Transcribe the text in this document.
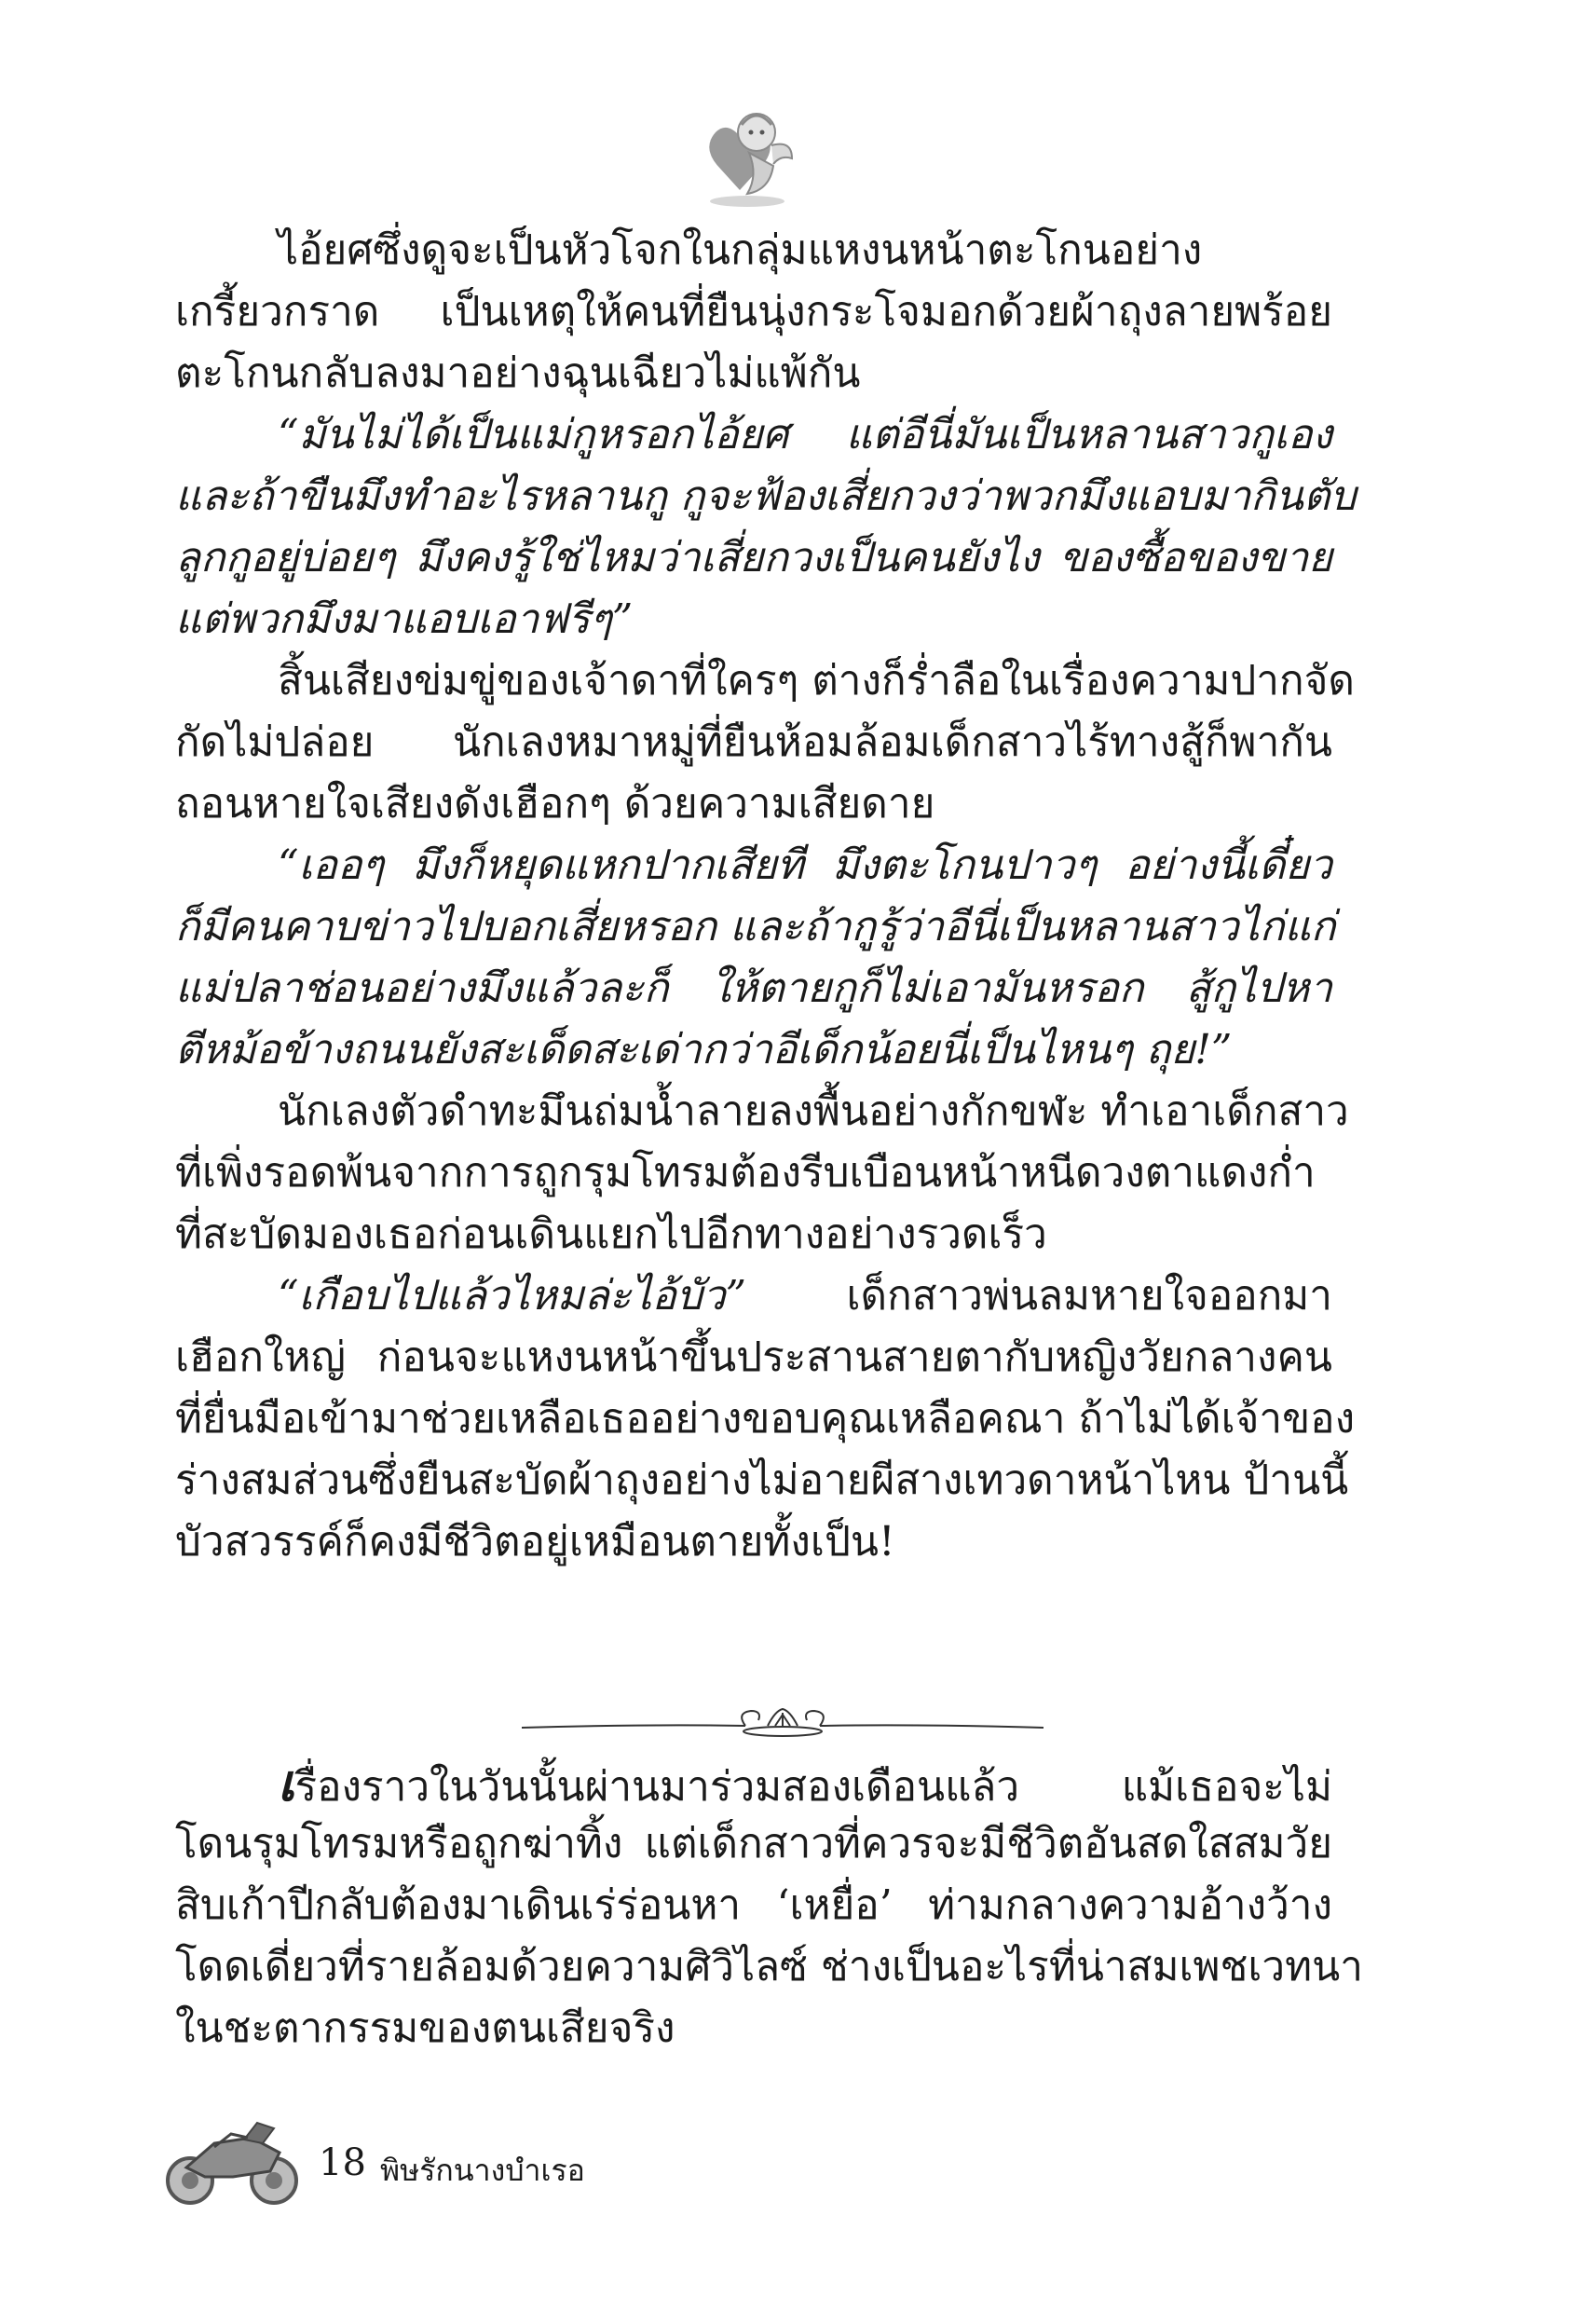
ไอ้ยศซึ่งดูจะเป็นหัวโจกในกลุ่มแหงนหน้าตะโกนอย่าง
เกรี้ยวกราด เป็นเหตุให้คนที่ยืนนุ่งกระโจมอกด้วยผ้าถุงลายพร้อย
ตะโกนกลับลงมาอย่างฉุนเฉียวไม่แพ้กัน
“มันไม่ได้เป็นแม่กูหรอกไอ้ยศ แต่อีนี่มันเป็นหลานสาวกูเอง
และถ้าขืนมึงทำอะไรหลานกู กูจะฟ้องเสี่ยกวงว่าพวกมึงแอบมากินตับ
ลูกกูอยู่บ่อยๆ มึงคงรู้ใช่ไหมว่าเสี่ยกวงเป็นคนยังไง ของซื้อของขาย
แต่พวกมึงมาแอบเอาฟรีๆ”
สิ้นเสียงข่มขู่ของเจ้าดาที่ใครๆ ต่างก็ร่ำลือในเรื่องความปากจัด
กัดไม่ปล่อย นักเลงหมาหมู่ที่ยืนห้อมล้อมเด็กสาวไร้ทางสู้ก็พากัน
ถอนหายใจเสียงดังเฮือกๆ ด้วยความเสียดาย
“เออๆ มึงก็หยุดแหกปากเสียที มึงตะโกนปาวๆ อย่างนี้เดี๋ยว
ก็มีคนคาบข่าวไปบอกเสี่ยหรอก และถ้ากูรู้ว่าอีนี่เป็นหลานสาวไก่แก่
แม่ปลาช่อนอย่างมึงแล้วละก็ ให้ตายกูก็ไม่เอามันหรอก สู้กูไปหา
ตีหม้อข้างถนนยังสะเด็ดสะเด่ากว่าอีเด็กน้อยนี่เป็นไหนๆ ถุย!”
นักเลงตัวดำทะมึนถ่มน้ำลายลงพื้นอย่างกักขฬะ ทำเอาเด็กสาว
ที่เพิ่งรอดพ้นจากการถูกรุมโทรมต้องรีบเบือนหน้าหนีดวงตาแดงก่ำ
ที่สะบัดมองเธอก่อนเดินแยกไปอีกทางอย่างรวดเร็ว
“เกือบไปแล้วไหมล่ะไอ้บัว” เด็กสาวพ่นลมหายใจออกมา
เฮือกใหญ่ ก่อนจะแหงนหน้าขึ้นประสานสายตากับหญิงวัยกลางคน
ที่ยื่นมือเข้ามาช่วยเหลือเธออย่างขอบคุณเหลือคณา ถ้าไม่ได้เจ้าของ
ร่างสมส่วนซึ่งยืนสะบัดผ้าถุงอย่างไม่อายผีสางเทวดาหน้าไหน ป้านนี้
บัวสวรรค์ก็คงมีชีวิตอยู่เหมือนตายทั้งเป็น!
เรื่องราวในวันนั้นผ่านมาร่วมสองเดือนแล้ว แม้เธอจะไม่
โดนรุมโทรมหรือถูกฆ่าทิ้ง แต่เด็กสาวที่ควรจะมีชีวิตอันสดใสสมวัย
สิบเก้าปีกลับต้องมาเดินเร่ร่อนหา ‘เหยื่อ’ ท่ามกลางความอ้างว้าง
โดดเดี่ยวที่รายล้อมด้วยความศิวิไลซ์ ช่างเป็นอะไรที่น่าสมเพชเวทนา
ในชะตากรรมของตนเสียจริง
18 พิษรักนางบำเรอ
